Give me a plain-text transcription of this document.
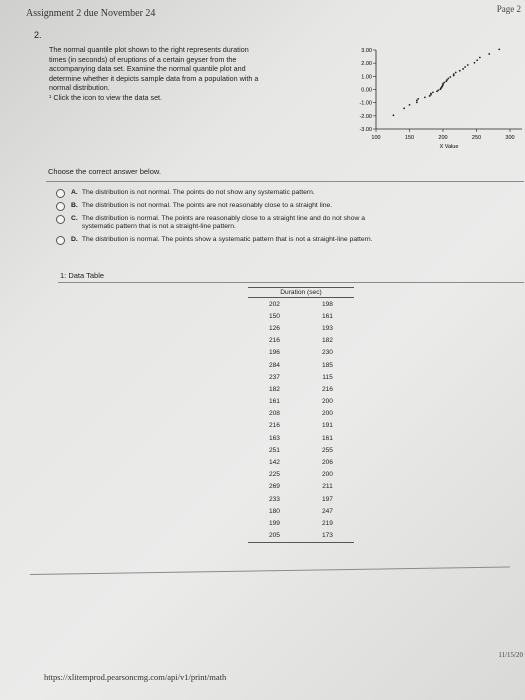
Assignment 2 due November 24	Page 2
2.
The normal quantile plot shown to the right represents duration
times (in seconds) of eruptions of a certain geyser from the
accompanying data set. Examine the normal quantile plot and
determine whether it depicts sample data from a population with a
normal distribution.
¹ Click the icon to view the data set.
3.00
2.00
1.00
0.00
-1.00
-2.00
-3.00
100	150	200	250	300
X Value
Choose the correct answer below.
A. The distribution is not normal. The points do not show any systematic pattern.
B. The distribution is not normal. The points are not reasonably close to a straight line.
C. The distribution is normal. The points are reasonably close to a straight line and do not show a systematic pattern that is not a straight-line pattern.
D. The distribution is normal. The points show a systematic pattern that is not a straight-line pattern.
1: Data Table
Duration (sec)	
202	198
150	161
126	193
216	182
196	230
284	185
237	115
182	216
161	200
208	200
216	191
163	161
251	255
142	206
225	200
269	211
233	197
180	247
199	219
205	173
11/15/20
https://xlitemprod.pearsoncmg.com/api/v1/print/math
